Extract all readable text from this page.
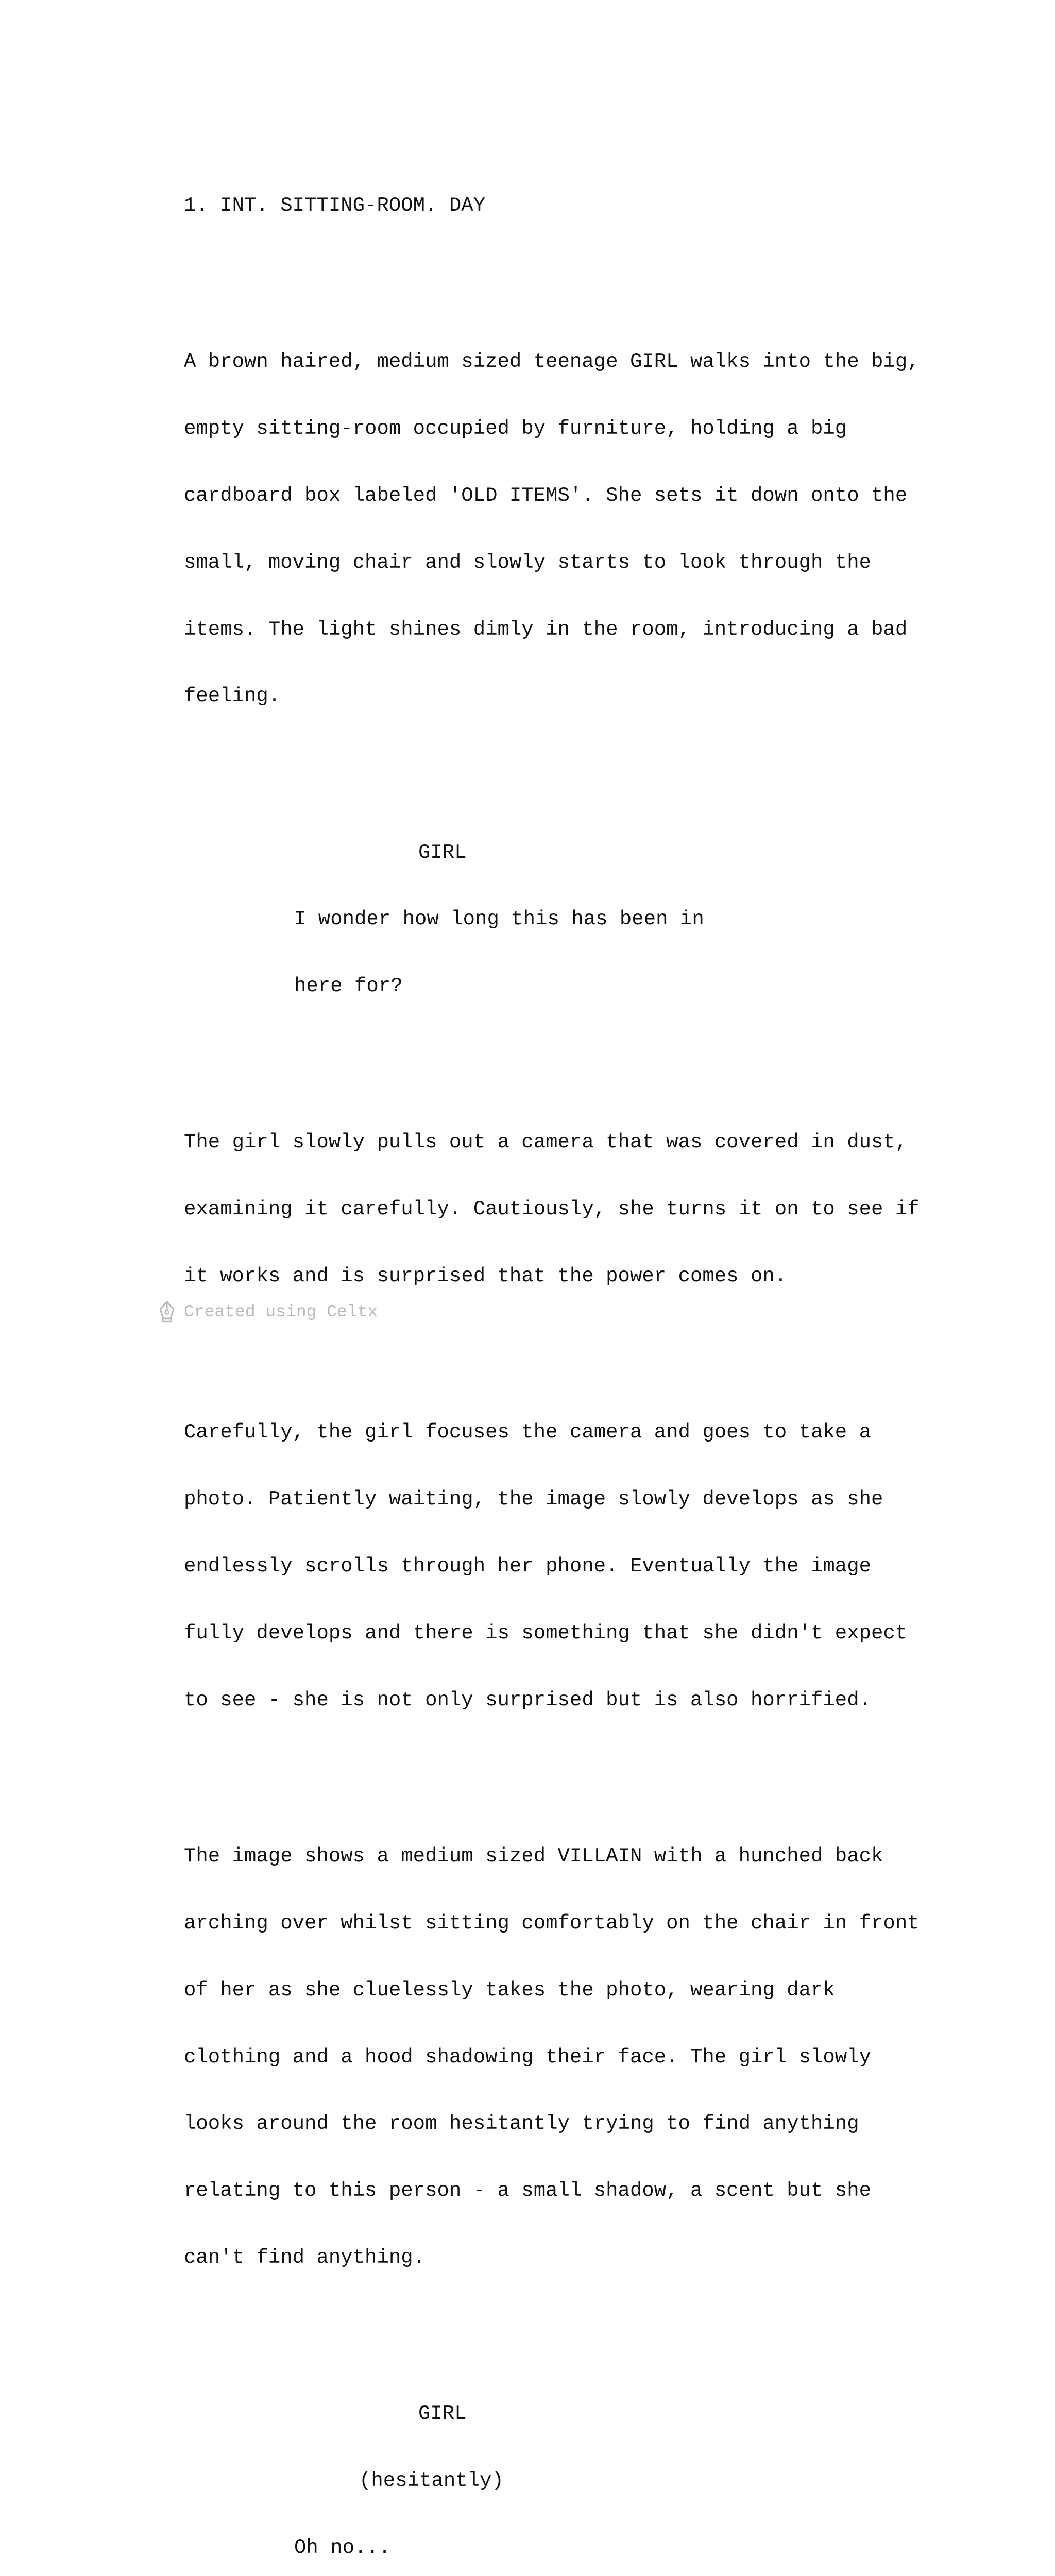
1. INT. SITTING-ROOM. DAY

A brown haired, medium sized teenage GIRL walks into the big,

empty sitting-room occupied by furniture, holding a big

cardboard box labeled 'OLD ITEMS'. She sets it down onto the

small, moving chair and slowly starts to look through the

items. The light shines dimly in the room, introducing a bad

feeling.

GIRL

I wonder how long this has been in

here for?

The girl slowly pulls out a camera that was covered in dust,

examining it carefully. Cautiously, she turns it on to see if

it works and is surprised that the power comes on.

Carefully, the girl focuses the camera and goes to take a

photo. Patiently waiting, the image slowly develops as she

endlessly scrolls through her phone. Eventually the image

fully develops and there is something that she didn't expect

to see - she is not only surprised but is also horrified.

The image shows a medium sized VILLAIN with a hunched back

arching over whilst sitting comfortably on the chair in front

of her as she cluelessly takes the photo, wearing dark

clothing and a hood shadowing their face. The girl slowly

looks around the room hesitantly trying to find anything

relating to this person - a small shadow, a scent but she

can't find anything.

GIRL

(hesitantly)

Oh no...

Created using Celtx
